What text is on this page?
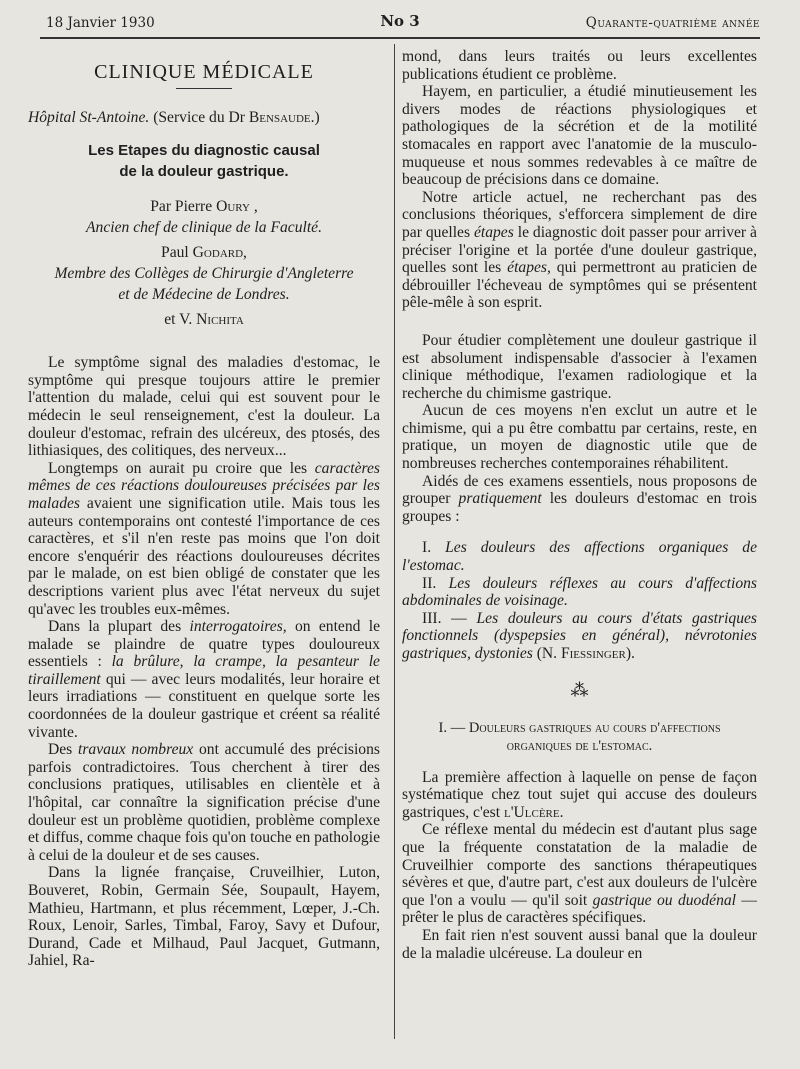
18 Janvier 1930	No 3	Quarante-quatrième année
CLINIQUE MÉDICALE

Hôpital St-Antoine. (Service du Dr Bensaude.)

Les Etapes du diagnostic causal
de la douleur gastrique.
Par Pierre Oury ,
Ancien chef de clinique de la Faculté.
Paul Godard,
Membre des Collèges de Chirurgie d'Angleterre
et de Médecine de Londres.
et V. Nichita

Le symptôme signal des maladies d'estomac, le symptôme qui presque toujours attire le premier l'attention du malade, celui qui est souvent pour le médecin le seul renseignement, c'est la douleur. La douleur d'estomac, refrain des ulcéreux, des ptosés, des lithiasiques, des colitiques, des nerveux...

Longtemps on aurait pu croire que les caractères mêmes de ces réactions douloureuses précisées par les malades avaient une signification utile. Mais tous les auteurs contemporains ont contesté l'importance de ces caractères, et s'il n'en reste pas moins que l'on doit encore s'enquérir des réactions douloureuses décrites par le malade, on est bien obligé de constater que les descriptions varient plus avec l'état nerveux du sujet qu'avec les troubles eux-mêmes.

Dans la plupart des interrogatoires, on entend le malade se plaindre de quatre types douloureux essentiels : la brûlure, la crampe, la pesanteur le tiraillement qui — avec leurs modalités, leur horaire et leurs irradiations — constituent en quelque sorte les coordonnées de la douleur gastrique et créent sa réalité vivante.

Des travaux nombreux ont accumulé des précisions parfois contradictoires. Tous cherchent à tirer des conclusions pratiques, utilisables en clientèle et à l'hôpital, car connaître la signification précise d'une douleur est un problème quotidien, problème complexe et diffus, comme chaque fois qu'on touche en pathologie à celui de la douleur et de ses causes.

Dans la lignée française, Cruveilhier, Luton, Bouveret, Robin, Germain Sée, Soupault, Hayem, Mathieu, Hartmann, et plus récemment, Lœper, J.-Ch. Roux, Lenoir, Sarles, Timbal, Faroy, Savy et Dufour, Durand, Cade et Milhaud, Paul Jacquet, Gutmann, Jahiel, Ra-

mond, dans leurs traités ou leurs excellentes publications étudient ce problème.

Hayem, en particulier, a étudié minutieusement les divers modes de réactions physiologiques et pathologiques de la sécrétion et de la motilité stomacales en rapport avec l'anatomie de la musculo-muqueuse et nous sommes redevables à ce maître de beaucoup de précisions dans ce domaine.

Notre article actuel, ne recherchant pas des conclusions théoriques, s'efforcera simplement de dire par quelles étapes le diagnostic doit passer pour arriver à préciser l'origine et la portée d'une douleur gastrique, quelles sont les étapes, qui permettront au praticien de débrouiller l'écheveau de symptômes qui se présentent pêle-mêle à son esprit.

Pour étudier complètement une douleur gastrique il est absolument indispensable d'associer à l'examen clinique méthodique, l'examen radiologique et la recherche du chimisme gastrique.

Aucun de ces moyens n'en exclut un autre et le chimisme, qui a pu être combattu par certains, reste, en pratique, un moyen de diagnostic utile que de nombreuses recherches contemporaines réhabilitent.

Aidés de ces examens essentiels, nous proposons de grouper pratiquement les douleurs d'estomac en trois groupes :

I. Les douleurs des affections organiques de l'estomac.

II. Les douleurs réflexes au cours d'affections abdominales de voisinage.

III. — Les douleurs au cours d'états gastriques fonctionnels (dyspepsies en général), névrotonies gastriques, dystonies (N. Fiessinger).

⁂
I. — Douleurs gastriques au cours d'affections
organiques de l'estomac.

La première affection à laquelle on pense de façon systématique chez tout sujet qui accuse des douleurs gastriques, c'est l'Ulcère.

Ce réflexe mental du médecin est d'autant plus sage que la fréquente constatation de la maladie de Cruveilhier comporte des sanctions thérapeutiques sévères et que, d'autre part, c'est aux douleurs de l'ulcère que l'on a voulu — qu'il soit gastrique ou duodénal — prêter le plus de caractères spécifiques.

En fait rien n'est souvent aussi banal que la douleur de la maladie ulcéreuse. La douleur en
